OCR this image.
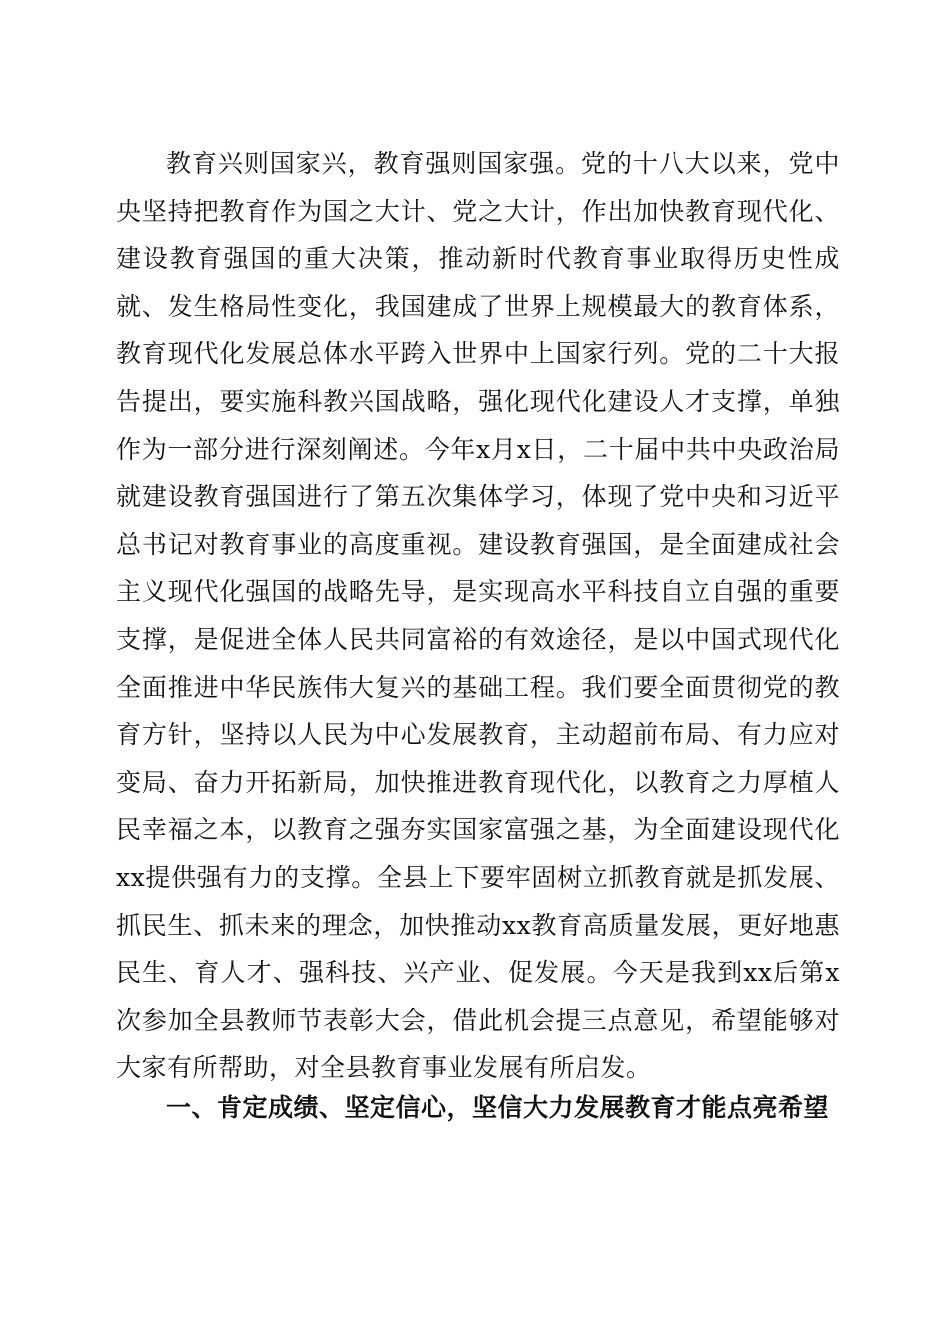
教育兴则国家兴，教育强则国家强。党的十八大以来，党中央坚持把教育作为国之大计、党之大计，作出加快教育现代化、建设教育强国的重大决策，推动新时代教育事业取得历史性成就、发生格局性变化，我国建成了世界上规模最大的教育体系，教育现代化发展总体水平跨入世界中上国家行列。党的二十大报告提出，要实施科教兴国战略，强化现代化建设人才支撑，单独作为一部分进行深刻阐述。今年x月x日，二十届中共中央政治局就建设教育强国进行了第五次集体学习，体现了党中央和习近平总书记对教育事业的高度重视。建设教育强国，是全面建成社会主义现代化强国的战略先导，是实现高水平科技自立自强的重要支撑，是促进全体人民共同富裕的有效途径，是以中国式现代化全面推进中华民族伟大复兴的基础工程。我们要全面贯彻党的教育方针，坚持以人民为中心发展教育，主动超前布局、有力应对变局、奋力开拓新局，加快推进教育现代化，以教育之力厚植人民幸福之本，以教育之强夯实国家富强之基，为全面建设现代化xx提供强有力的支撑。全县上下要牢固树立抓教育就是抓发展、抓民生、抓未来的理念，加快推动xx教育高质量发展，更好地惠民生、育人才、强科技、兴产业、促发展。今天是我到xx后第x次参加全县教师节表彰大会，借此机会提三点意见，希望能够对大家有所帮助，对全县教育事业发展有所启发。

一、肯定成绩、坚定信心，坚信大力发展教育才能点亮希望
